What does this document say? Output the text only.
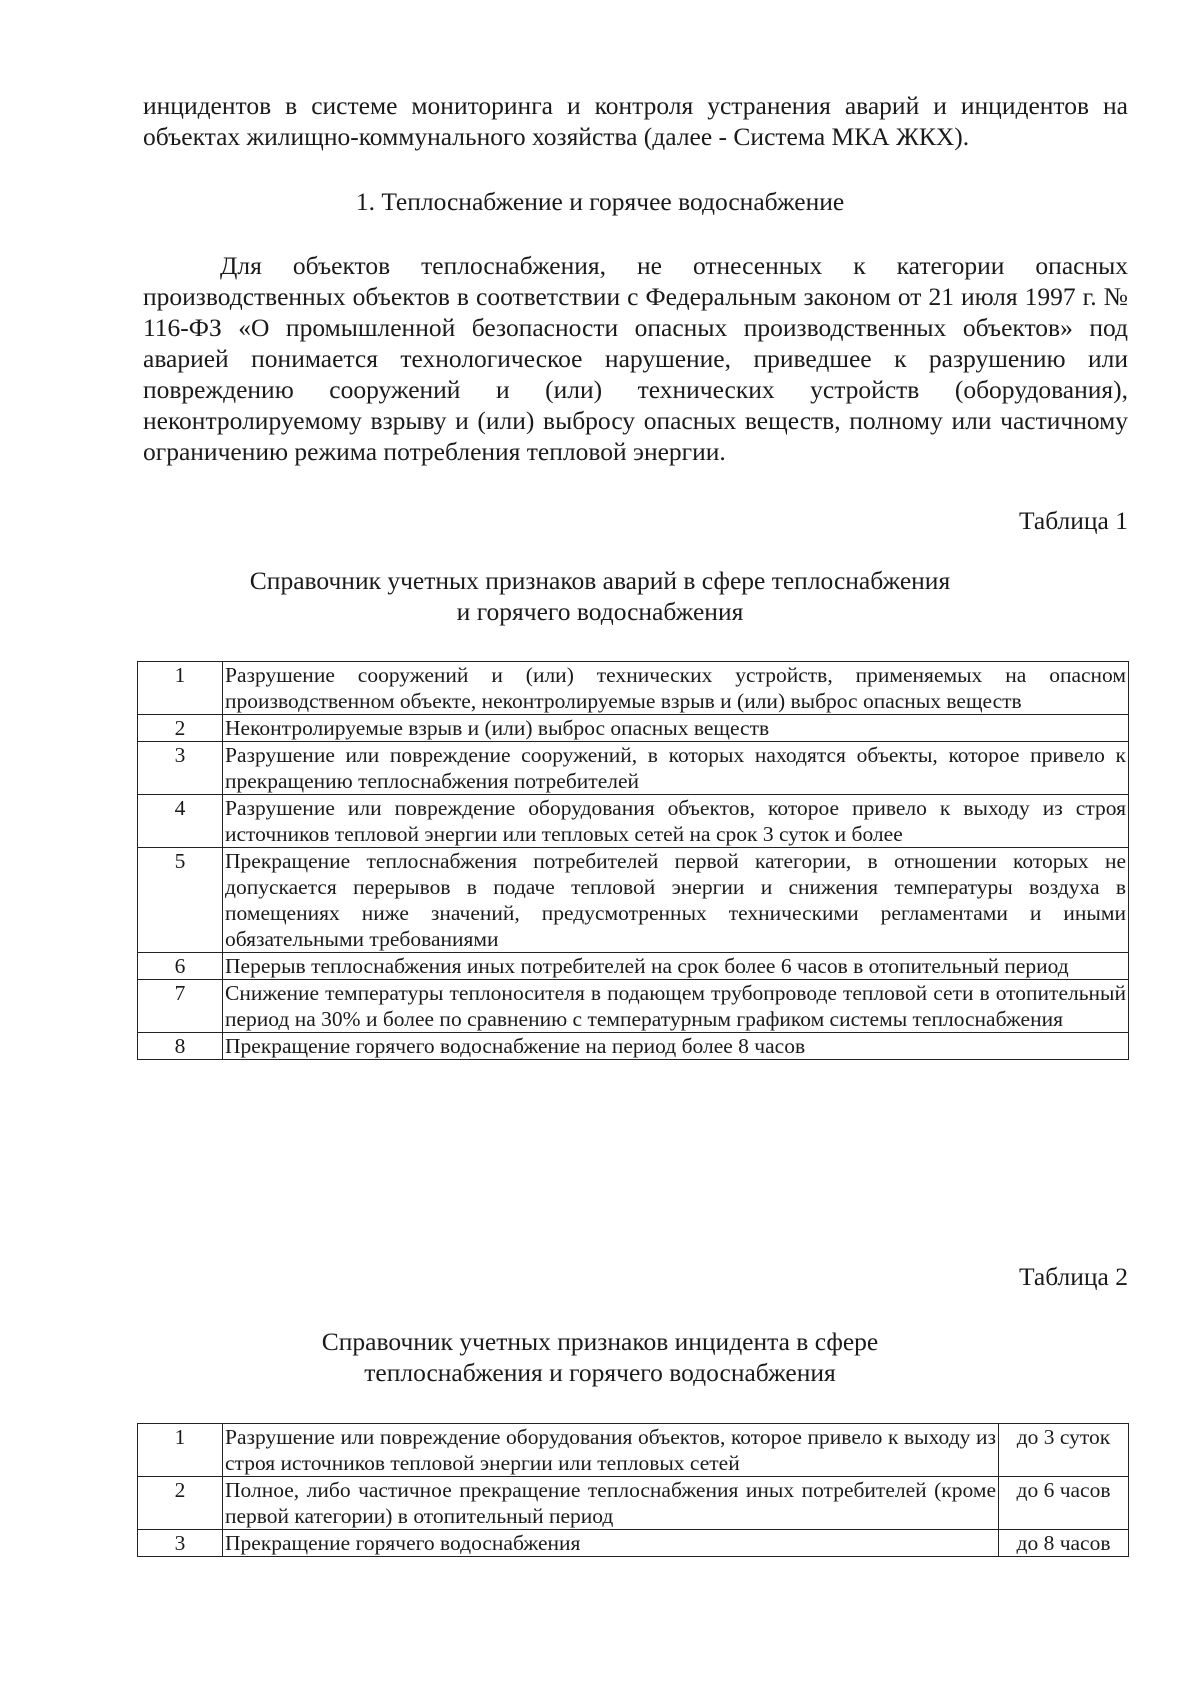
инцидентов в системе мониторинга и контроля устранения аварий и инцидентов на объектах жилищно-коммунального хозяйства (далее - Система МКА ЖКХ).

1. Теплоснабжение и горячее водоснабжение

Для объектов теплоснабжения, не отнесенных к категории опасных производственных объектов в соответствии с Федеральным законом от 21 июля 1997 г. № 116-ФЗ «О промышленной безопасности опасных производственных объектов» под аварией понимается технологическое нарушение, приведшее к разрушению или повреждению сооружений и (или) технических устройств (оборудования), неконтролируемому взрыву и (или) выбросу опасных веществ, полному или частичному ограничению режима потребления тепловой энергии.

Таблица 1

Справочник учетных признаков аварий в сфере теплоснабжения
и горячего водоснабжения
1	Разрушение сооружений и (или) технических устройств, применяемых на опасном производственном объекте, неконтролируемые взрыв и (или) выброс опасных веществ
2	Неконтролируемые взрыв и (или) выброс опасных веществ
3	Разрушение или повреждение сооружений, в которых находятся объекты, которое привело к прекращению теплоснабжения потребителей
4	Разрушение или повреждение оборудования объектов, которое привело к выходу из строя источников тепловой энергии или тепловых сетей на срок 3 суток и более
5	Прекращение теплоснабжения потребителей первой категории, в отношении которых не допускается перерывов в подаче тепловой энергии и снижения температуры воздуха в помещениях ниже значений, предусмотренных техническими регламентами и иными обязательными требованиями
6	Перерыв теплоснабжения иных потребителей на срок более 6 часов в отопительный период
7	Снижение температуры теплоносителя в подающем трубопроводе тепловой сети в отопительный период на 30% и более по сравнению с температурным графиком системы теплоснабжения
8	Прекращение горячего водоснабжение на период более 8 часов

Таблица 2

Справочник учетных признаков инцидента в сфере
теплоснабжения и горячего водоснабжения
1	Разрушение или повреждение оборудования объектов, которое привело к выходу из строя источников тепловой энергии или тепловых сетей	до 3 суток
2	Полное, либо частичное прекращение теплоснабжения иных потребителей (кроме первой категории) в отопительный период	до 6 часов
3	Прекращение горячего водоснабжения	до 8 часов
